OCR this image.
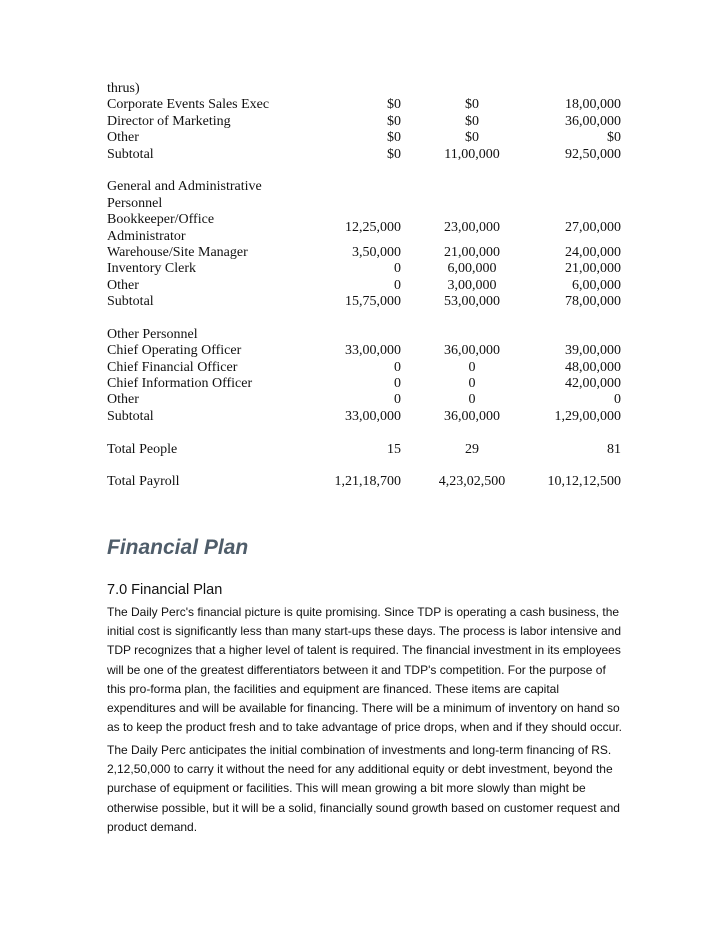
thrus)
Corporate Events Sales Exec	$0	$0	18,00,000
Director of Marketing	$0	$0	36,00,000
Other	$0	$0	$0
Subtotal	$0	11,00,000	92,50,000
General and Administrative
Personnel
Bookkeeper/Office Administrator
12,25,000	23,00,000	27,00,000
Warehouse/Site Manager	3,50,000	21,00,000	24,00,000
Inventory Clerk	0	6,00,000	21,00,000
Other	0	3,00,000	6,00,000
Subtotal	15,75,000	53,00,000	78,00,000
Other Personnel
Chief Operating Officer	33,00,000	36,00,000	39,00,000
Chief Financial Officer	0	0	48,00,000
Chief Information Officer	0	0	42,00,000
Other	0	0	0
Subtotal	33,00,000	36,00,000	1,29,00,000
Total People	15	29	81
Total Payroll	1,21,18,700	4,23,02,500	10,12,12,500
Financial Plan
7.0 Financial Plan
The Daily Perc's financial picture is quite promising. Since TDP is operating a cash business, the
initial cost is significantly less than many start-ups these days. The process is labor intensive and
TDP recognizes that a higher level of talent is required. The financial investment in its employees
will be one of the greatest differentiators between it and TDP's competition. For the purpose of
this pro-forma plan, the facilities and equipment are financed. These items are capital
expenditures and will be available for financing. There will be a minimum of inventory on hand so
as to keep the product fresh and to take advantage of price drops, when and if they should occur.
The Daily Perc anticipates the initial combination of investments and long-term financing of RS.
2,12,50,000 to carry it without the need for any additional equity or debt investment, beyond the
purchase of equipment or facilities. This will mean growing a bit more slowly than might be
otherwise possible, but it will be a solid, financially sound growth based on customer request and
product demand.
